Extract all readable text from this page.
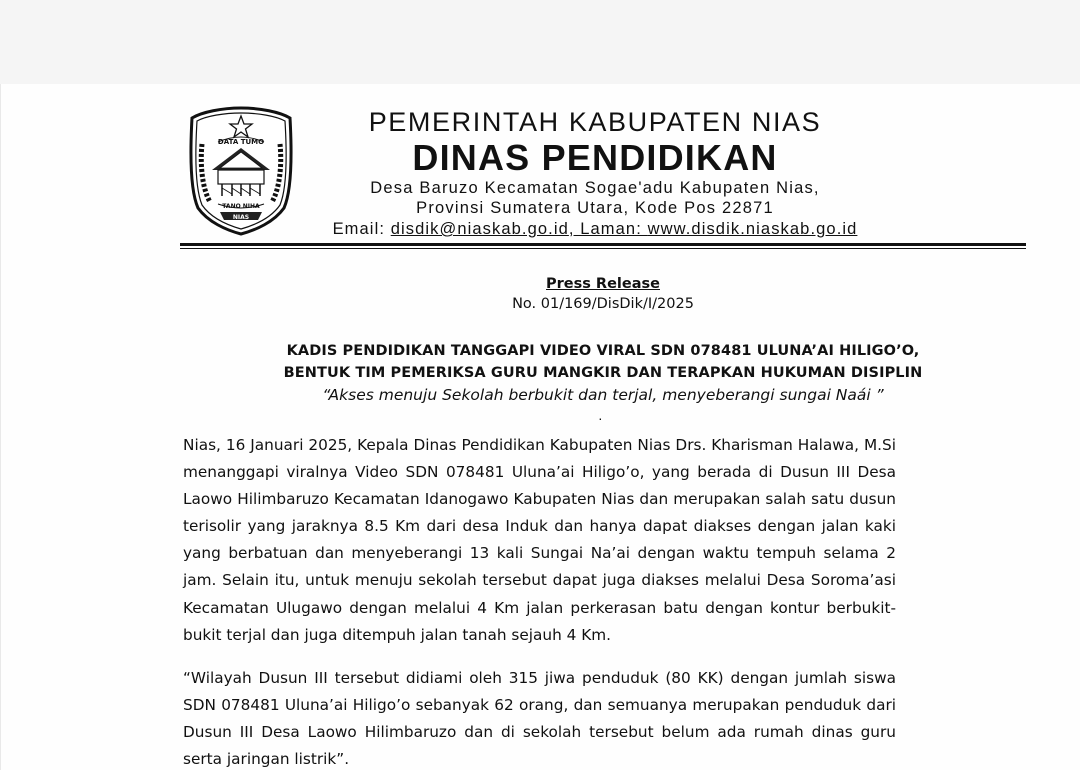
DATA TUMO
TANO NIHA
NIAS

PEMERINTAH KABUPATEN NIAS

DINAS PENDIDIKAN

Desa Baruzo Kecamatan Sogae'adu Kabupaten Nias,

Provinsi Sumatera Utara, Kode Pos 22871

Email: disdik@niaskab.go.id, Laman: www.disdik.niaskab.go.id

Press Release
No. 01/169/DisDik/I/2025
KADIS PENDIDIKAN TANGGAPI VIDEO VIRAL SDN 078481 ULUNA’AI HILIGO’O,
BENTUK TIM PEMERIKSA GURU MANGKIR DAN TERAPKAN HUKUMAN DISIPLIN
“Akses menuju Sekolah berbukit dan terjal, menyeberangi sungai Naái ”
·

Nias, 16 Januari 2025, Kepala Dinas Pendidikan Kabupaten Nias Drs. Kharisman Halawa, M.Si menanggapi viralnya Video SDN 078481 Uluna’ai Hiligo’o, yang berada di Dusun III Desa Laowo Hilimbaruzo Kecamatan Idanogawo Kabupaten Nias dan merupakan salah satu dusun terisolir yang jaraknya 8.5 Km dari desa Induk dan hanya dapat diakses dengan jalan kaki yang berbatuan dan menyeberangi 13 kali Sungai Na’ai dengan waktu tempuh selama 2 jam. Selain itu, untuk menuju sekolah tersebut dapat juga diakses melalui Desa Soroma’asi Kecamatan Ulugawo dengan melalui 4 Km jalan perkerasan batu dengan kontur berbukit-bukit terjal dan juga ditempuh jalan tanah sejauh 4 Km.

“Wilayah Dusun III tersebut didiami oleh 315 jiwa penduduk (80 KK) dengan jumlah siswa SDN 078481 Uluna’ai Hiligo’o sebanyak 62 orang, dan semuanya merupakan penduduk dari Dusun III Desa Laowo Hilimbaruzo dan di sekolah tersebut belum ada rumah dinas guru serta jaringan listrik”.
